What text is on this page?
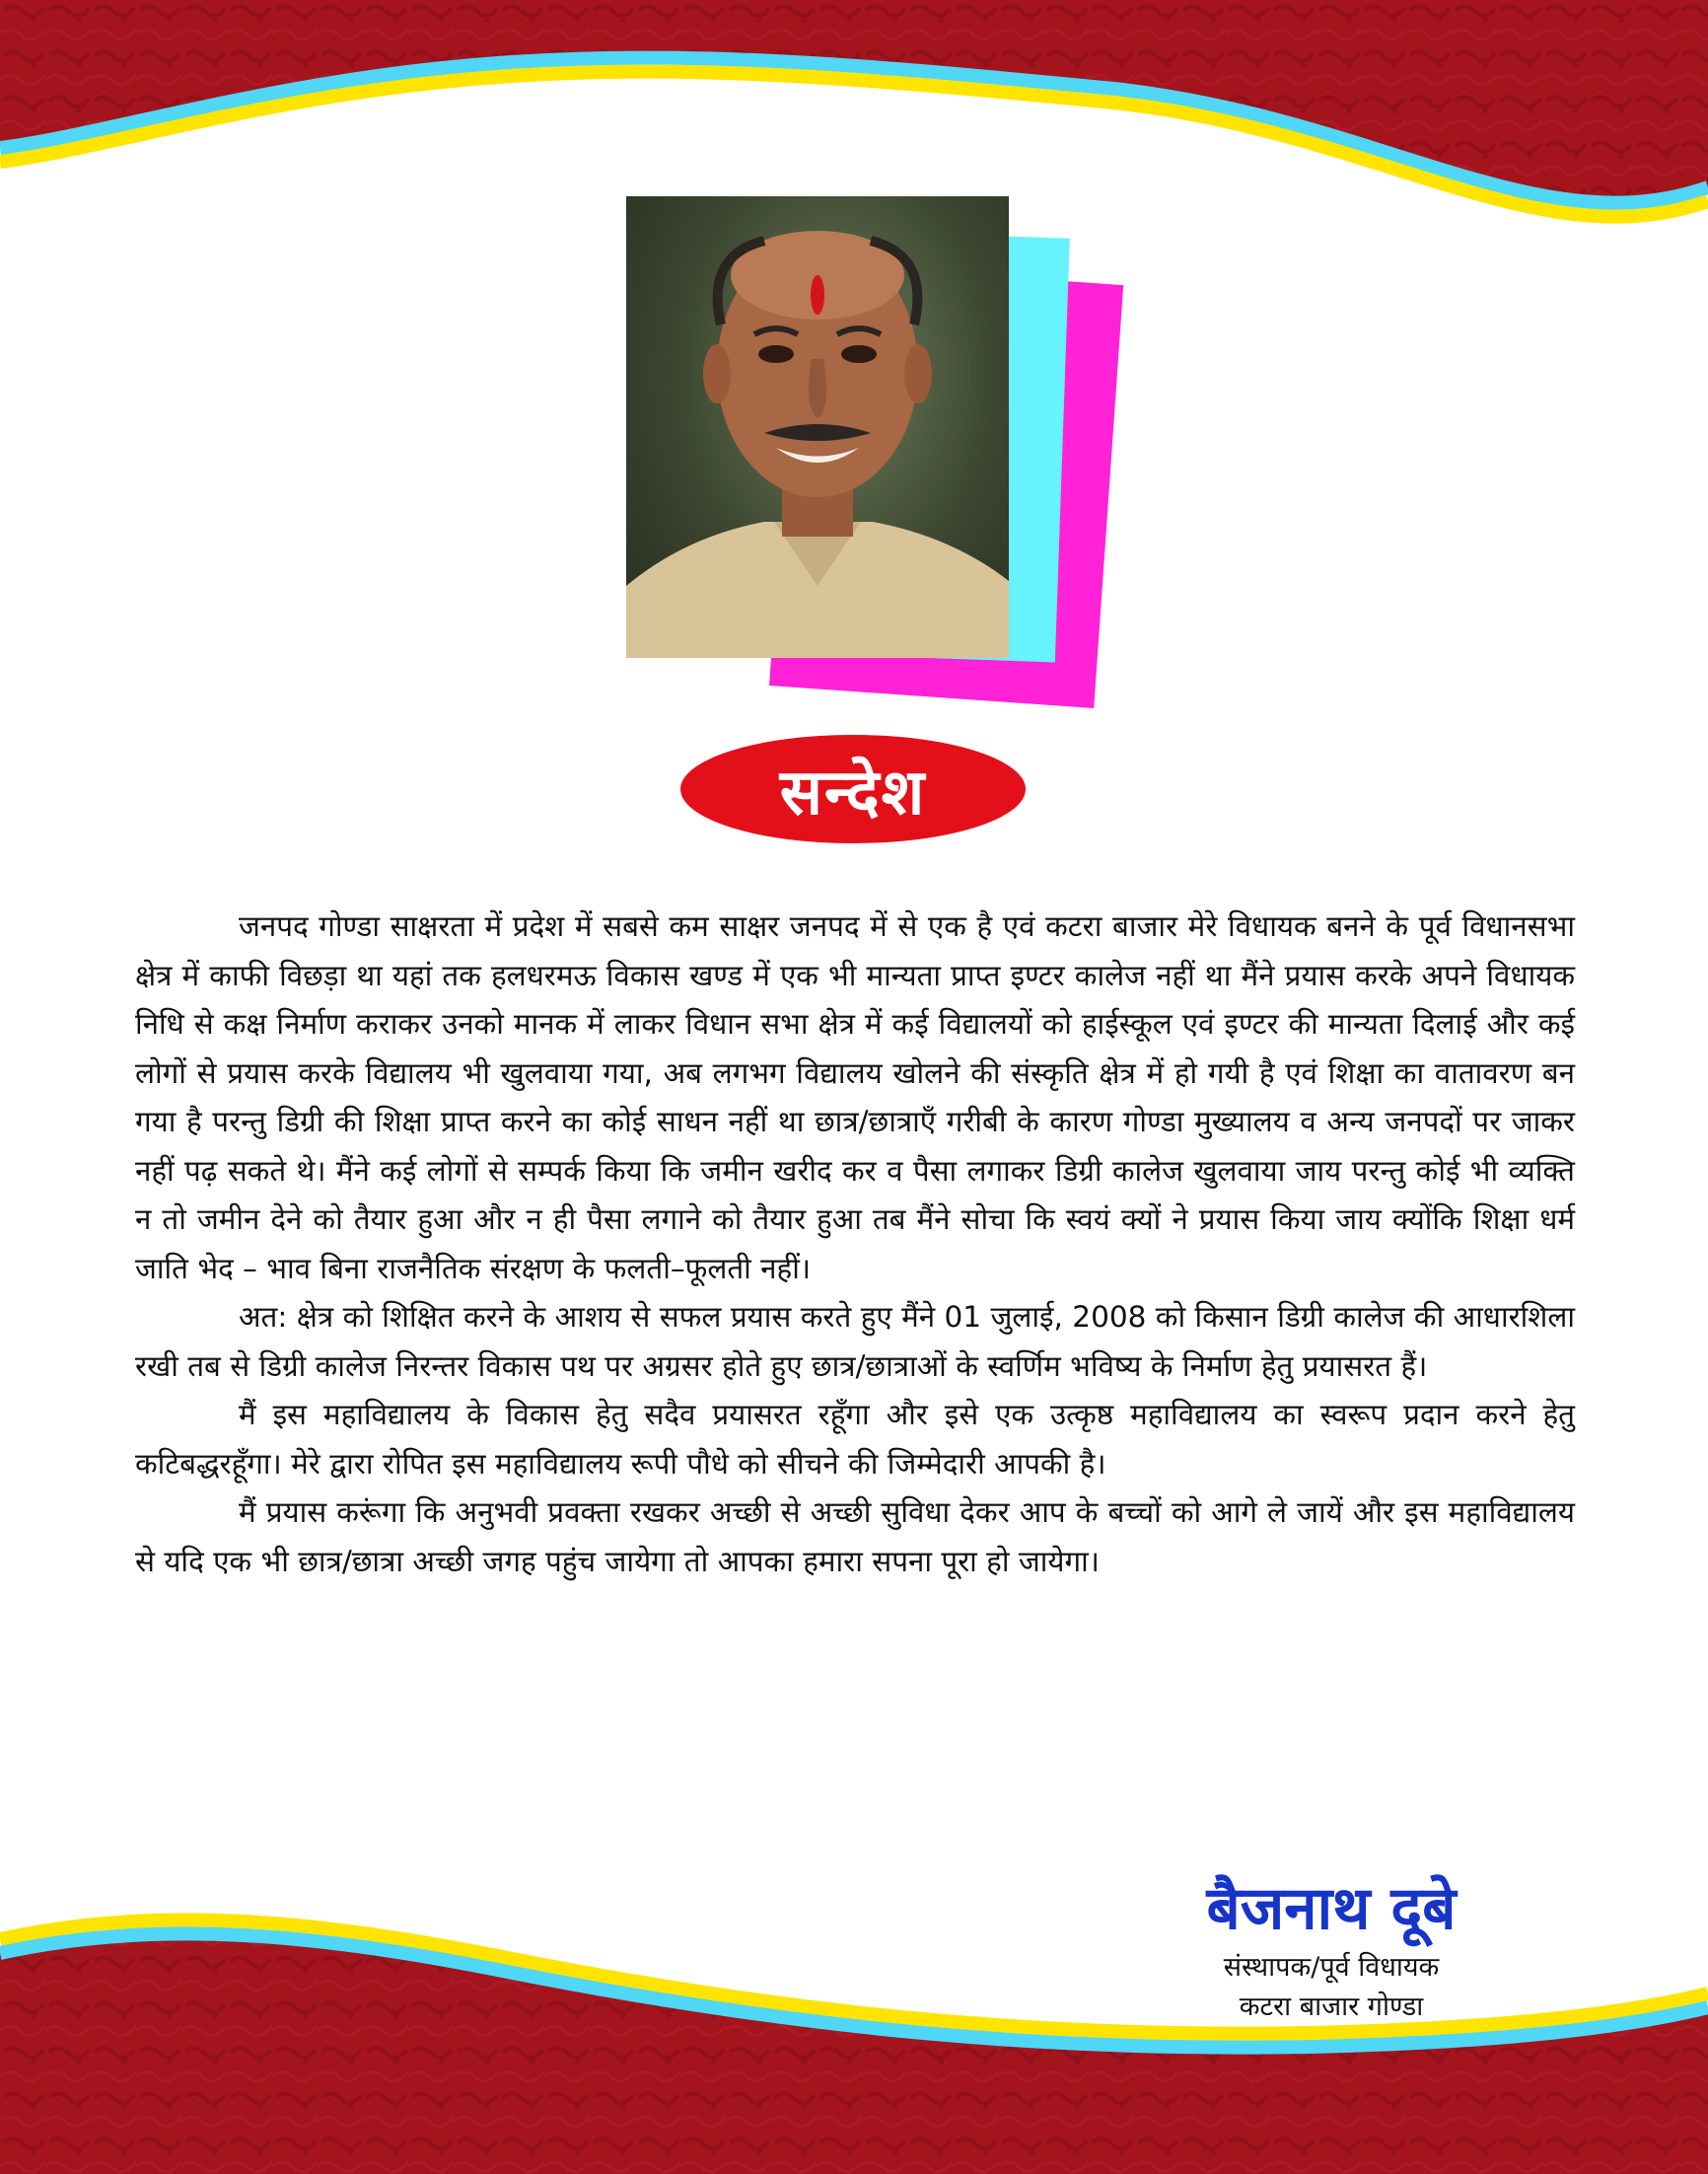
सन्देश

जनपद गोण्डा साक्षरता में प्रदेश में सबसे कम साक्षर जनपद में से एक है एवं कटरा बाजार मेरे विधायक बनने के पूर्व विधानसभा क्षेत्र में काफी विछड़ा था यहां तक हलधरमऊ विकास खण्ड में एक भी मान्यता प्राप्त इण्टर कालेज नहीं था मैंने प्रयास करके अपने विधायक निधि से कक्ष निर्माण कराकर उनको मानक में लाकर विधान सभा क्षेत्र में कई विद्यालयों को हाईस्कूल एवं इण्टर की मान्यता दिलाई और कई लोगों से प्रयास करके विद्यालय भी खुलवाया गया, अब लगभग विद्यालय खोलने की संस्कृति क्षेत्र में हो गयी है एवं शिक्षा का वातावरण बन गया है परन्तु डिग्री की शिक्षा प्राप्त करने का कोई साधन नहीं था छात्र/छात्राएँ गरीबी के कारण गोण्डा मुख्यालय व अन्य जनपदों पर जाकर नहीं पढ़ सकते थे। मैंने कई लोगों से सम्पर्क किया कि जमीन खरीद कर व पैसा लगाकर डिग्री कालेज खुलवाया जाय परन्तु कोई भी व्यक्ति न तो जमीन देने को तैयार हुआ और न ही पैसा लगाने को तैयार हुआ तब मैंने सोचा कि स्वयं क्यों ने प्रयास किया जाय क्योंकि शिक्षा धर्म जाति भेद – भाव बिना राजनैतिक संरक्षण के फलती–फूलती नहीं।

अत: क्षेत्र को शिक्षित करने के आशय से सफल प्रयास करते हुए मैंने 01 जुलाई, 2008 को किसान डिग्री कालेज की आधारशिला रखी तब से डिग्री कालेज निरन्तर विकास पथ पर अग्रसर होते हुए छात्र/छात्राओं के स्वर्णिम भविष्य के निर्माण हेतु प्रयासरत हैं।

मैं इस महाविद्यालय के विकास हेतु सदैव प्रयासरत रहूँगा और इसे एक उत्कृष्ठ महाविद्यालय का स्वरूप प्रदान करने हेतु कटिबद्धरहूँगा। मेरे द्वारा रोपित इस महाविद्यालय रूपी पौधे को सीचने की जिम्मेदारी आपकी है।

मैं प्रयास करूंगा कि अनुभवी प्रवक्ता रखकर अच्छी से अच्छी सुविधा देकर आप के बच्चों को आगे ले जायें और इस महाविद्यालय से यदि एक भी छात्र/छात्रा अच्छी जगह पहुंच जायेगा तो आपका हमारा सपना पूरा हो जायेगा।

बैजनाथ दूबे
संस्थापक/पूर्व विधायक
कटरा बाजार गोण्डा
